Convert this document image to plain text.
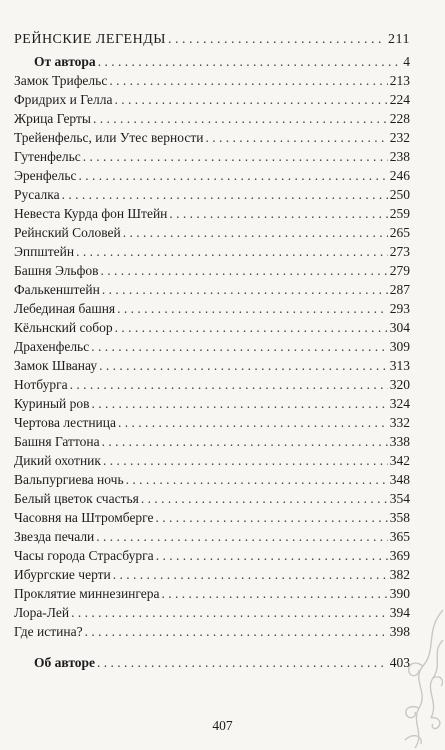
РЕЙНСКИЕ ЛЕГЕНДЫ . . .	211
От автора . . .	4
Замок Трифельс . . .	213
Фридрих и Гелла . . .	224
Жрица Герты . . .	228
Трейенфельс, или Утес верности . . .	232
Гутенфельс . . .	238
Эренфельс . . .	246
Русалка . . .	250
Невеста Курда фон Штейн . . .	259
Рейнский Соловей . . .	265
Эппштейн . . .	273
Башня Эльфов . . .	279
Фалькенштейн . . .	287
Лебединая башня . . .	293
Кёльнский собор . . .	304
Драхенфельс . . .	309
Замок Шванау . . .	313
Нотбурга . . .	320
Куриный ров . . .	324
Чертова лестница . . .	332
Башня Гаттона . . .	338
Дикий охотник . . .	342
Вальпургиева ночь . . .	348
Белый цветок счастья . . .	354
Часовня на Штромберге . . .	358
Звезда печали . . .	365
Часы города Страсбурга . . .	369
Ибургские черти . . .	382
Проклятие миннезингера . . .	390
Лора-Лей . . .	394
Где истина? . . .	398
Об авторе . . .	403
407
